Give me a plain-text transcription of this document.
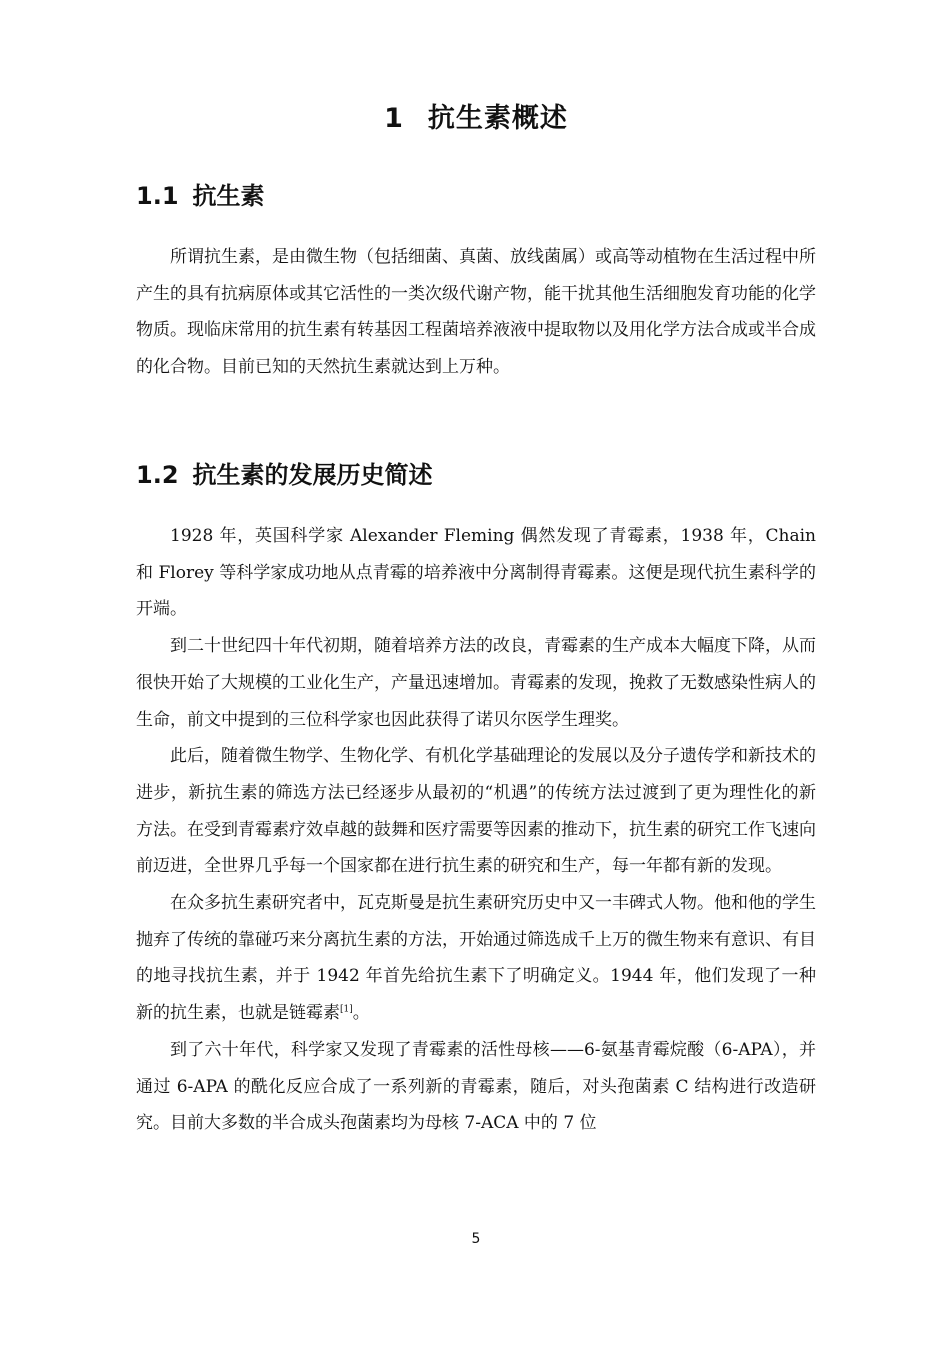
1 抗生素概述
1.1 抗生素

所谓抗生素，是由微生物（包括细菌、真菌、放线菌属）或高等动植物在生活过程中所产生的具有抗病原体或其它活性的一类次级代谢产物，能干扰其他生活细胞发育功能的化学物质。现临床常用的抗生素有转基因工程菌培养液液中提取物以及用化学方法合成或半合成的化合物。目前已知的天然抗生素就达到上万种。

1.2 抗生素的发展历史简述

1928 年，英国科学家 Alexander Fleming 偶然发现了青霉素，1938 年，Chain 和 Florey 等科学家成功地从点青霉的培养液中分离制得青霉素。这便是现代抗生素科学的开端。

到二十世纪四十年代初期，随着培养方法的改良，青霉素的生产成本大幅度下降，从而很快开始了大规模的工业化生产，产量迅速增加。青霉素的发现，挽救了无数感染性病人的生命，前文中提到的三位科学家也因此获得了诺贝尔医学生理奖。

此后，随着微生物学、生物化学、有机化学基础理论的发展以及分子遗传学和新技术的进步，新抗生素的筛选方法已经逐步从最初的“机遇”的传统方法过渡到了更为理性化的新方法。在受到青霉素疗效卓越的鼓舞和医疗需要等因素的推动下，抗生素的研究工作飞速向前迈进，全世界几乎每一个国家都在进行抗生素的研究和生产，每一年都有新的发现。

在众多抗生素研究者中，瓦克斯曼是抗生素研究历史中又一丰碑式人物。他和他的学生抛弃了传统的靠碰巧来分离抗生素的方法，开始通过筛选成千上万的微生物来有意识、有目的地寻找抗生素，并于 1942 年首先给抗生素下了明确定义。1944 年，他们发现了一种新的抗生素，也就是链霉素[1]。

到了六十年代，科学家又发现了青霉素的活性母核——6-氨基青霉烷酸（6-APA），并通过 6-APA 的酰化反应合成了一系列新的青霉素，随后，对头孢菌素 C 结构进行改造研究。目前大多数的半合成头孢菌素均为母核 7-ACA 中的 7 位

5
